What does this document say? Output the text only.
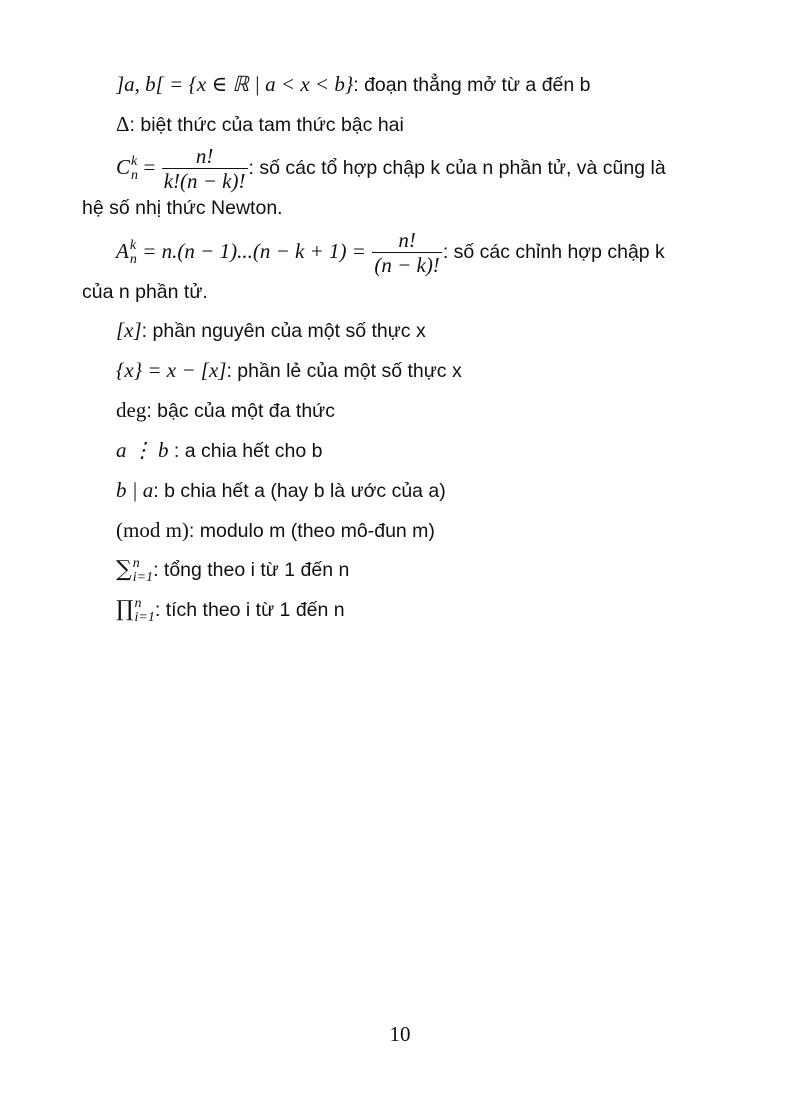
]a, b[ = {x ∈ ℝ | a < x < b}: đoạn thẳng mở từ a đến b
Δ: biệt thức của tam thức bậc hai
C k
$n = \frac{n!}{k!(n - k)!}$ : số các tổ hợp chập k của n phần tử, và cũng là
hệ số nhị thức Newton.
A k
$n = n.(n - 1)...(n - k + 1) = \frac{n!}{(n - k)!}$ : số các chỉnh hợp chập k
của n phần tử.
[x]: phần nguyên của một số thực x
{x} = x − [x]: phần lẻ của một số thực x
deg: bậc của một đa thức
a ⋮ b : a chia hết cho b
b | a: b chia hết a (hay b là ước của a)
(mod m): modulo m (theo mô-đun m)
∑ n
i=1 : tổng theo i từ 1 đến n
∏ n
i=1 : tích theo i từ 1 đến n
10
